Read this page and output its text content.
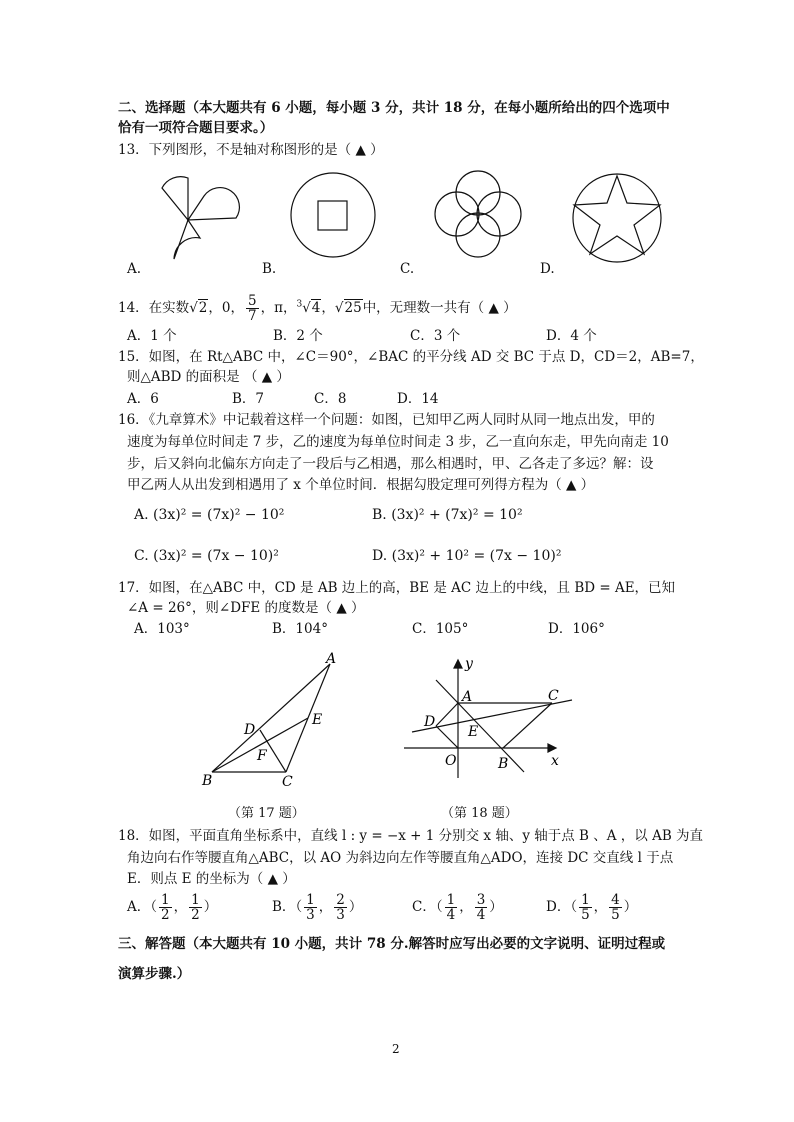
二、选择题（本大题共有 6 小题，每小题 3 分，共计 18 分，在每小题所给出的四个选项中
恰有一项符合题目要求。）
13．下列图形，不是轴对称图形的是（ ▲ ）
A.	B.	C.	D.
14．在实数√2，0， $\frac{5}{7}$ ，π，$^3$√4，√25中，无理数一共有（ ▲ ）
A．1 个	B．2 个	C．3 个	D．4 个
15．如图，在 Rt△ABC 中，∠C＝90°，∠BAC 的平分线 AD 交 BC 于点 D，CD＝2，AB=7，
则△ABD 的面积是 （ ▲ ）
A．6	B．7	C．8	D．14
16．《九章算术》中记载着这样一个问题：如图，已知甲乙两人同时从同一地点出发，甲的
速度为每单位时间走 7 步，乙的速度为每单位时间走 3 步，乙一直向东走，甲先向南走 10
步，后又斜向北偏东方向走了一段后与乙相遇，那么相遇时，甲、乙各走了多远？解：设
甲乙两人从出发到相遇用了 x 个单位时间．根据勾股定理可列得方程为（ ▲ ）
A. (3x)² = (7x)² − 10²	B. (3x)² + (7x)² = 10²
C. (3x)² = (7x − 10)²	D. (3x)² + 10² = (7x − 10)²
17．如图，在△ABC 中，CD 是 AB 边上的高，BE 是 AC 边上的中线，且 BD = AE，已知
∠A = 26°，则∠DFE 的度数是（ ▲ ）
A．103°	B．104°	C．105°	D．106°
A
B	C
D
E
F
（第 17 题）
A
B
C
D
E
O	x
y
（第 18 题）
18．如图，平面直角坐标系中，直线 l : y = −x + 1 分别交 x 轴、y 轴于点 B 、A ，以 AB 为直
角边向右作等腰直角△ABC，以 AO 为斜边向左作等腰直角△ADO，连接 DC 交直线 l 于点
E．则点 E 的坐标为（ ▲ ）
A．（ $\frac{1}{2}$ ， $\frac{1}{2}$ ）	B．（ $\frac{1}{3}$ ， $\frac{2}{3}$ ）	C．（ $\frac{1}{4}$ ， $\frac{3}{4}$ ）	D．（ $\frac{1}{5}$ ， $\frac{4}{5}$ ）
三、解答题（本大题共有 10 小题，共计 78 分.解答时应写出必要的文字说明、证明过程或
演算步骤.）
2
